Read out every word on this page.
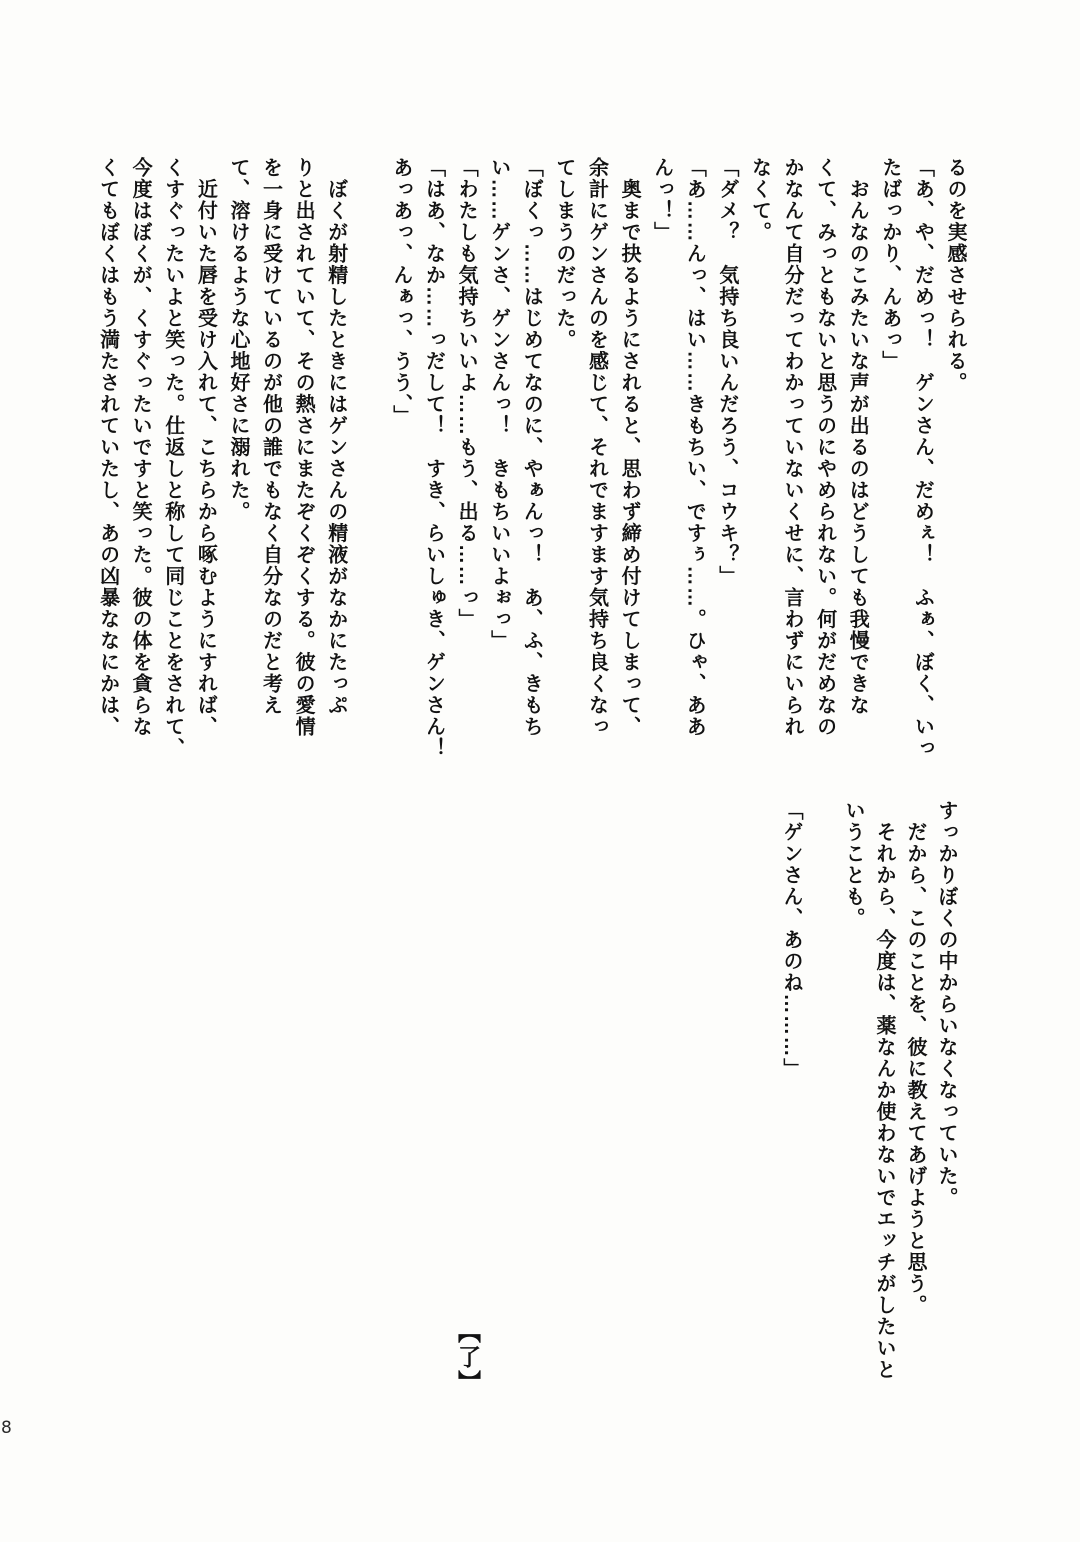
るのを実感させられる。
「あ、や、だめっ！　ゲンさん、だめぇ！　ふぁ、ぼく、いっ
たばっかり、んあっ」
　おんなのこみたいな声が出るのはどうしても我慢できな
くて、みっともないと思うのにやめられない。何がだめなの
かなんて自分だってわかっていないくせに、言わずにいられ
なくて。
「ダメ？　気持ち良いんだろう、コウキ？」
「あ……んっ、はい……きもちい、ですぅ……。ひゃ、ああ
んっ！」
　奥まで抉るようにされると、思わず締め付けてしまって、
余計にゲンさんのを感じて、それでますます気持ち良くなっ
てしまうのだった。
「ぼくっ……はじめてなのに、やぁんっ！　あ、ふ、きもち
い……ゲンさ、ゲンさんっ！　きもちいいよぉっ」
「わたしも気持ちいいよ……もう、出る……っ」
「はあ、なか……っだして！　すき、らいしゅき、ゲンさん！
あっあっ、んぁっ、うう、」

　ぼくが射精したときにはゲンさんの精液がなかにたっぷ
りと出されていて、その熱さにまたぞくぞくする。彼の愛情
を一身に受けているのが他の誰でもなく自分なのだと考え
て、溶けるような心地好さに溺れた。
　近付いた唇を受け入れて、こちらから啄むようにすれば、
くすぐったいよと笑った。仕返しと称して同じことをされて、
今度はぼくが、くすぐったいですと笑った。彼の体を貪らな
くてもぼくはもう満たされていたし、あの凶暴ななにかは、
すっかりぼくの中からいなくなっていた。
　だから、このことを、彼に教えてあげようと思う。
　それから、今度は、薬なんか使わないでエッチがしたいと
いうことも。

「ゲンさん、あのね………」
【了】
8
